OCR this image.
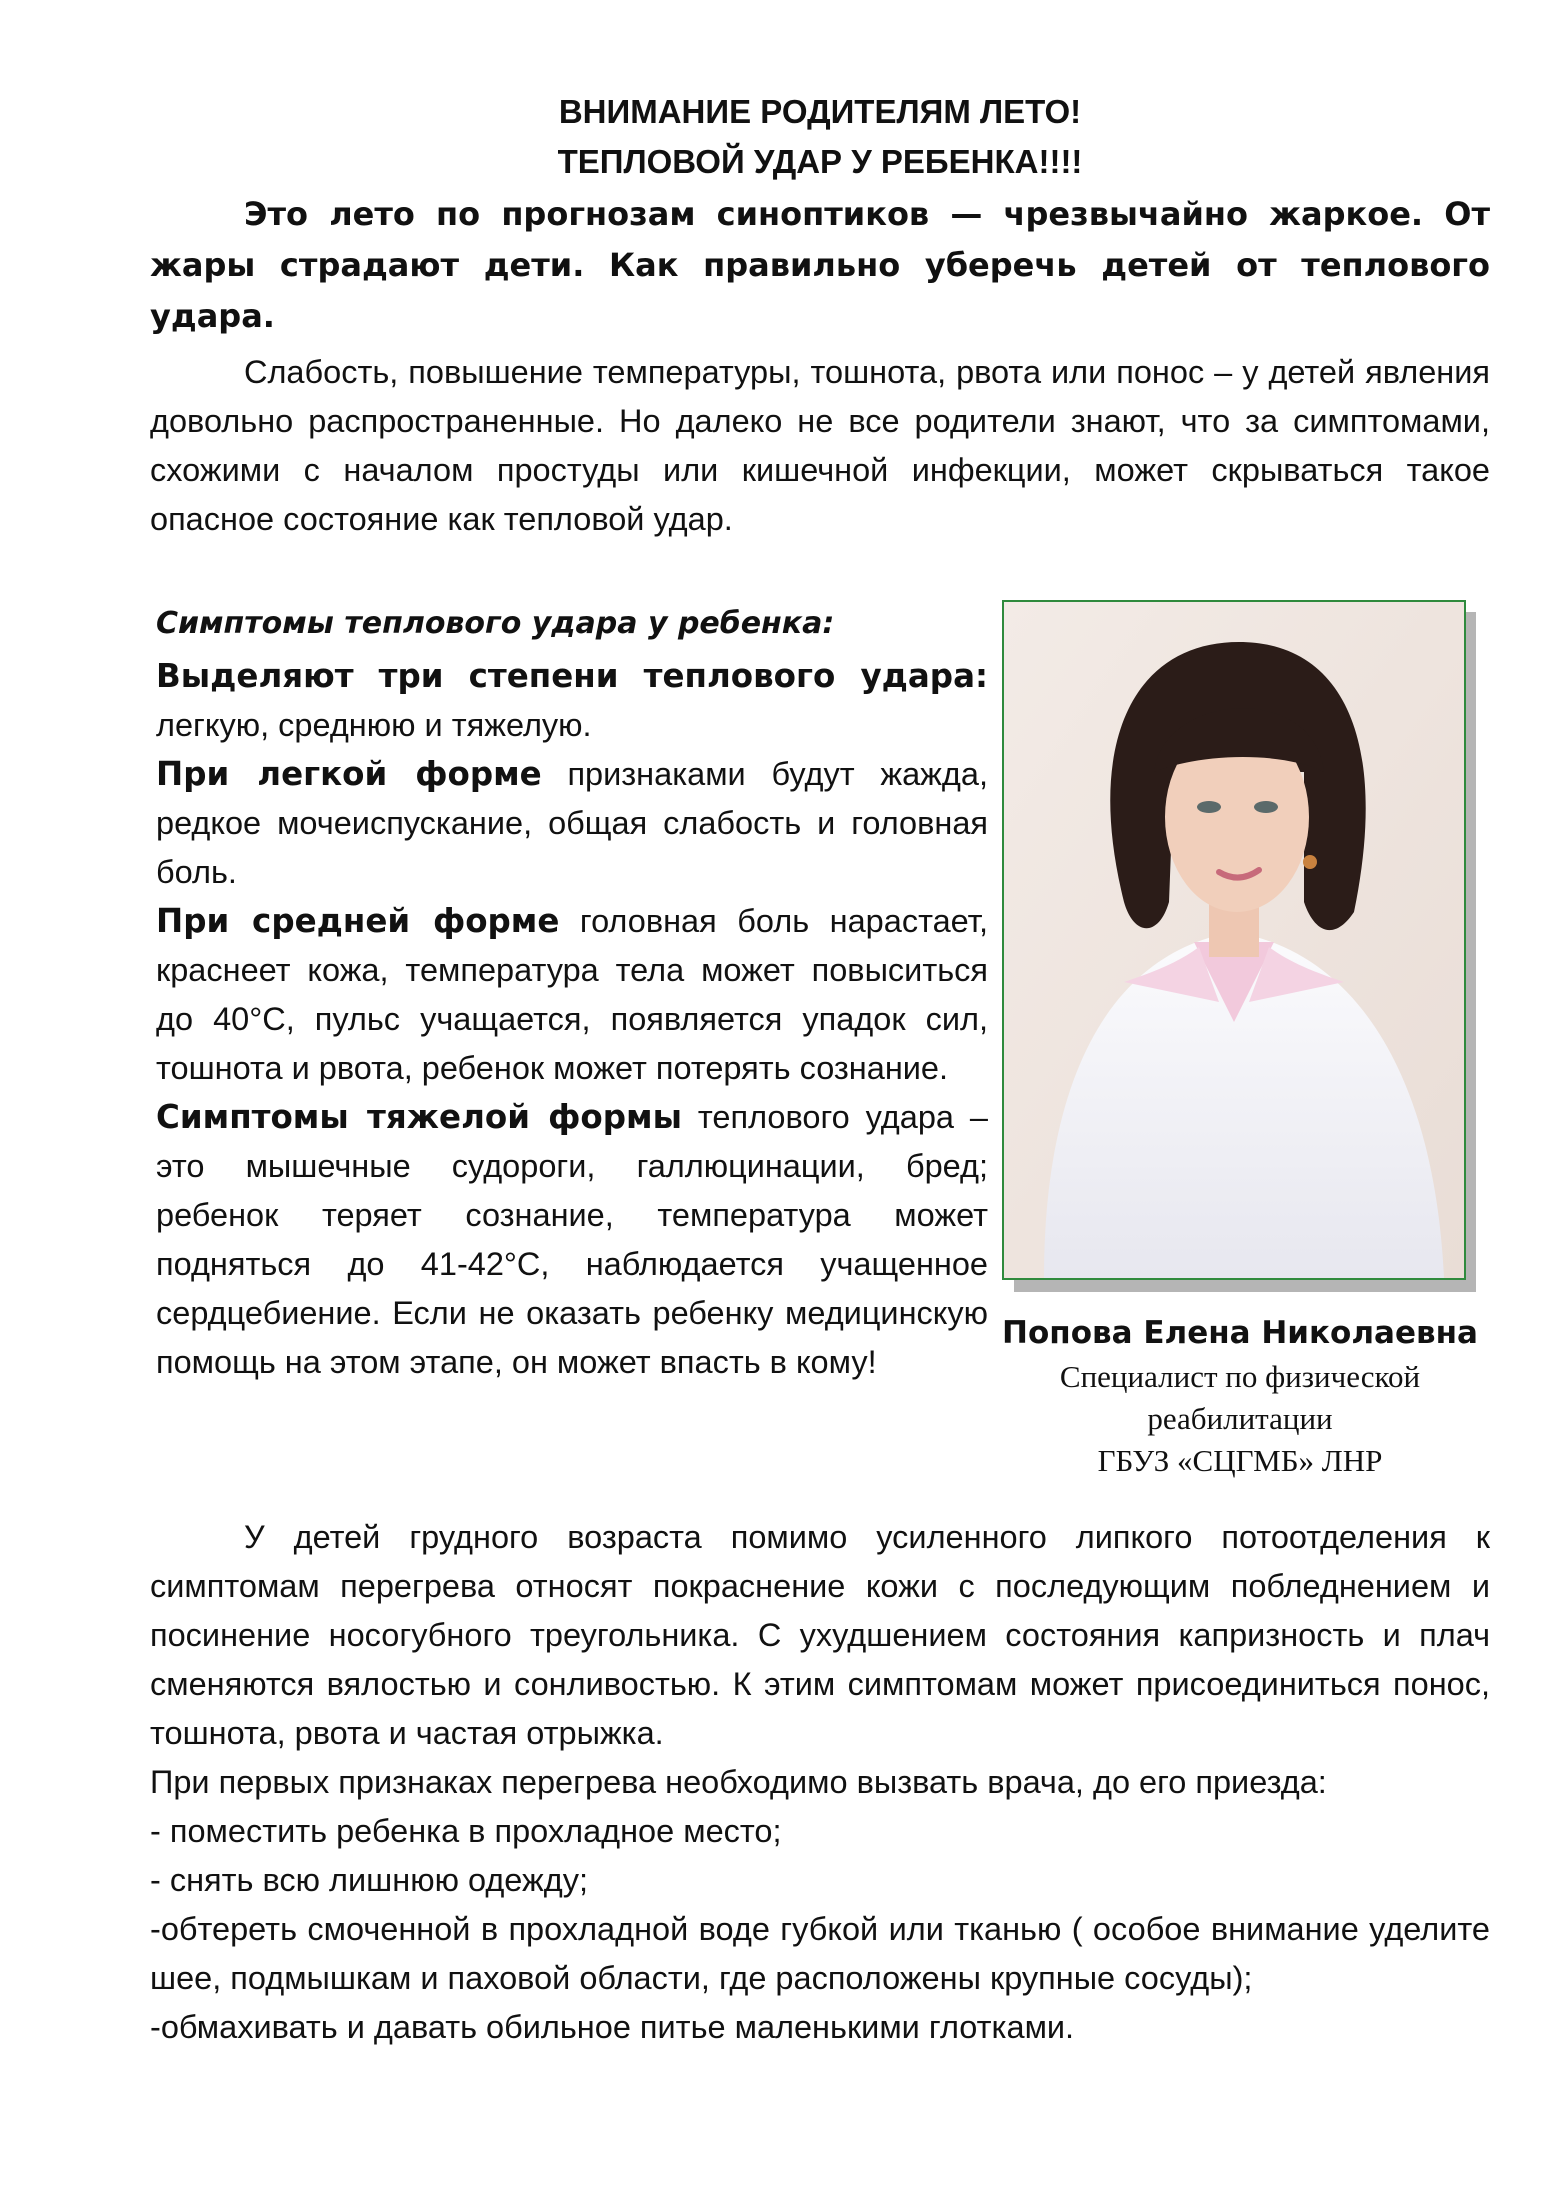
ВНИМАНИЕ РОДИТЕЛЯМ ЛЕТО!
ТЕПЛОВОЙ УДАР У РЕБЕНКА!!!!

Это лето по прогнозам синоптиков — чрезвычайно жаркое. От жары страдают дети. Как правильно уберечь детей от теплового удара.

Слабость, повышение температуры, тошнота, рвота или понос – у детей явления довольно распространенные. Но далеко не все родители знают, что за симптомами, схожими с началом простуды или кишечной инфекции, может скрываться такое опасное состояние как тепловой удар.

Симптомы теплового удара у ребенка:

Выделяют три степени теплового удара: легкую, среднюю и тяжелую.

При легкой форме признаками будут жажда, редкое мочеиспускание, общая слабость и головная боль.

При средней форме головная боль нарастает, краснеет кожа, температура тела может повыситься до 40°С, пульс учащается, появляется упадок сил, тошнота и рвота, ребенок может потерять сознание.

Симптомы тяжелой формы теплового удара – это мышечные судороги, галлюцинации, бред; ребенок теряет сознание, температура может подняться до 41-42°С, наблюдается учащенное сердцебиение. Если не оказать ребенку медицинскую помощь на этом этапе, он может впасть в кому!

Попова Елена Николаевна
Специалист по физической
реабилитации
ГБУЗ «СЦГМБ» ЛНР

У детей грудного возраста помимо усиленного липкого потоотделения к симптомам перегрева относят покраснение кожи с последующим побледнением и посинение носогубного треугольника. С ухудшением состояния капризность и плач сменяются вялостью и сонливостью. К этим симптомам может присоединиться понос, тошнота, рвота и частая отрыжка.

При первых признаках перегрева необходимо вызвать врача, до его приезда:

- поместить ребенка в прохладное место;

- снять всю лишнюю одежду;

-обтереть смоченной в прохладной воде губкой или тканью ( особое внимание уделите шее, подмышкам и паховой области, где расположены крупные сосуды);

-обмахивать и давать обильное питье маленькими глотками.
